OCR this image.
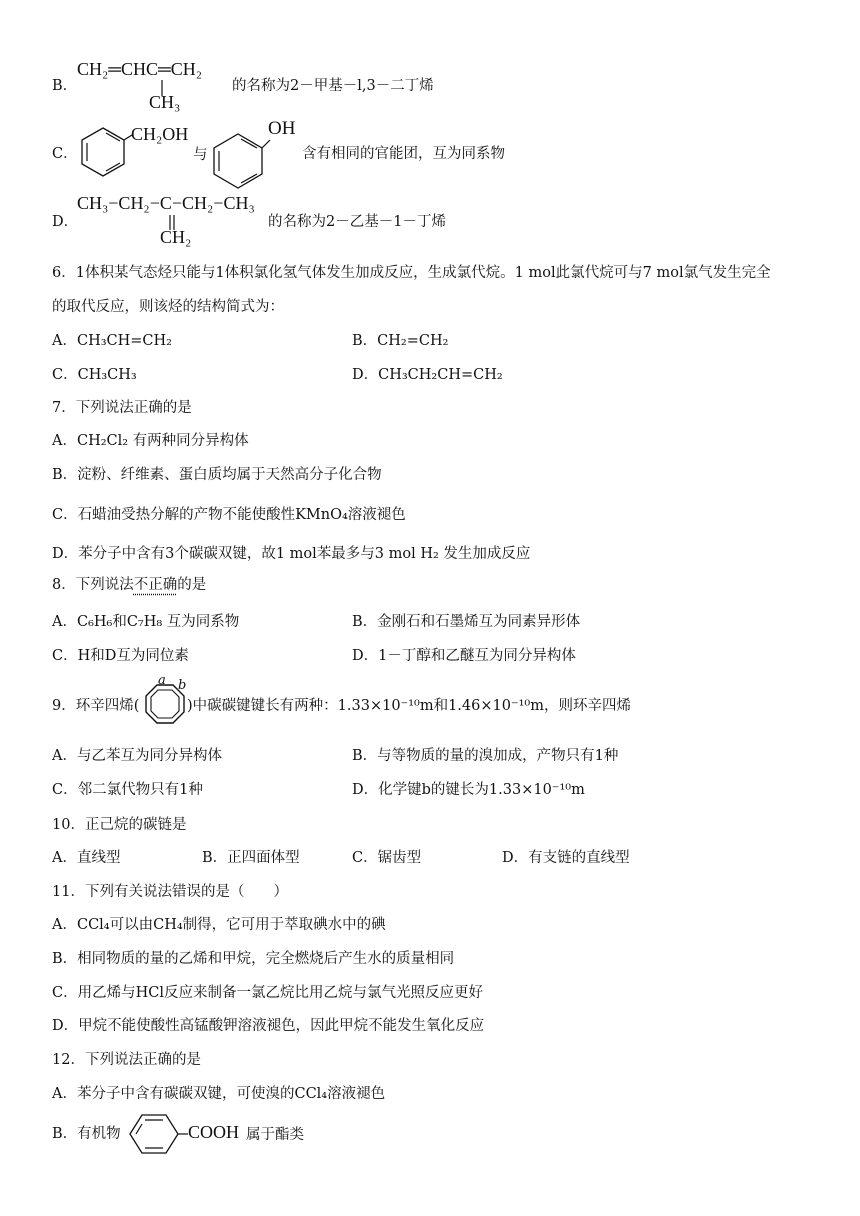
B．
CH₂═CHC═CH₂
CH₃
的名称为2－甲基－l,3－二丁烯
C．
CH₂OH
与
OH
含有相同的官能团，互为同系物
D．
CH₃−CH₂−C−CH₂−CH₃
CH₂
的名称为2－乙基－1－丁烯
6．1体积某气态烃只能与1体积氯化氢气体发生加成反应，生成氯代烷。1 mol此氯代烷可与7 mol氯气发生完全
的取代反应，则该烃的结构简式为：
A．CH₃CH=CH₂	B．CH₂=CH₂
C．CH₃CH₃	D．CH₃CH₂CH=CH₂
7．下列说法正确的是
A．CH₂Cl₂ 有两种同分异构体
B．淀粉、纤维素、蛋白质均属于天然高分子化合物
C．石蜡油受热分解的产物不能使酸性KMnO₄溶液褪色
D．苯分子中含有3个碳碳双键，故1 mol苯最多与3 mol H₂ 发生加成反应
8．下列说法不正确的是
A．C₆H₆和C₇H₈ 互为同系物	B．金刚石和石墨烯互为同素异形体
C．H和D互为同位素	D．1－丁醇和乙醚互为同分异构体
9．环辛四烯(
a b
)中碳碳键键长有两种：1.33×10⁻¹⁰m和1.46×10⁻¹⁰m，则环辛四烯
A．与乙苯互为同分异构体	B．与等物质的量的溴加成，产物只有1种
C．邻二氯代物只有1种	D．化学键b的键长为1.33×10⁻¹⁰m
10．正己烷的碳链是
A．直线型	B．正四面体型	C．锯齿型	D．有支链的直线型
11．下列有关说法错误的是（　　）
A．CCl₄可以由CH₄制得，它可用于萃取碘水中的碘
B．相同物质的量的乙烯和甲烷，完全燃烧后产生水的质量相同
C．用乙烯与HCl反应来制备一氯乙烷比用乙烷与氯气光照反应更好
D．甲烷不能使酸性高锰酸钾溶液褪色，因此甲烷不能发生氧化反应
12．下列说法正确的是
A．苯分子中含有碳碳双键，可使溴的CCl₄溶液褪色
B．有机物	COOH 属于酯类
